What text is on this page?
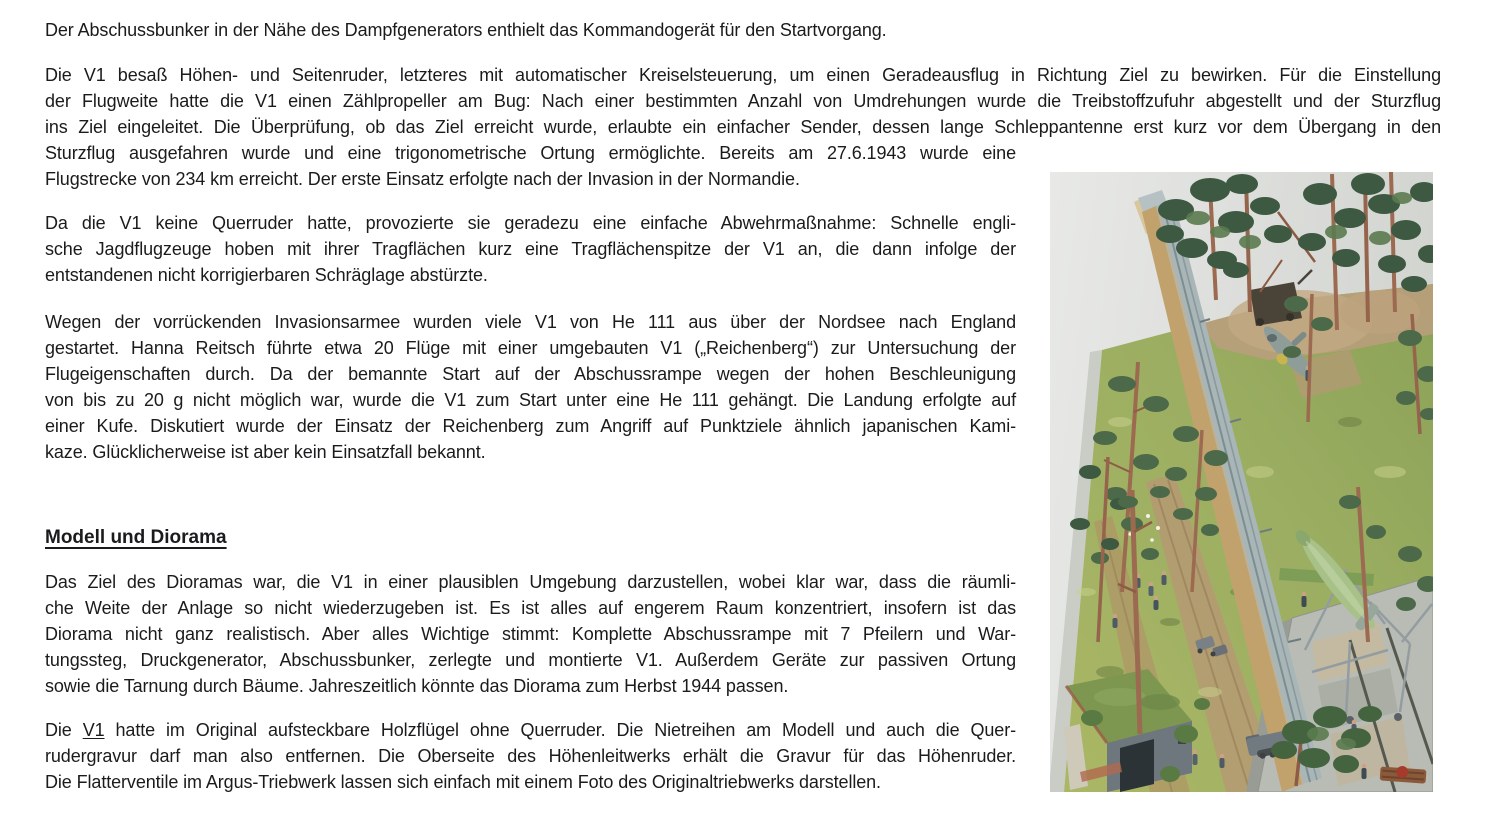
Der Abschussbunker in der Nähe des Dampfgenerators enthielt das Kommandogerät für den Startvorgang.
Die V1 besaß Höhen- und Seitenruder, letzteres mit automatischer Kreiselsteuerung, um einen Geradeausflug in Richtung Ziel zu bewirken. Für die Einstellung
der Flugweite hatte die V1 einen Zählpropeller am Bug: Nach einer bestimmten Anzahl von Umdrehungen wurde die Treibstoffzufuhr abgestellt und der Sturzflug
ins Ziel eingeleitet. Die Überprüfung, ob das Ziel erreicht wurde, erlaubte ein einfacher Sender, dessen lange Schleppantenne erst kurz vor dem Übergang in den
Sturzflug ausgefahren wurde und eine trigonometrische Ortung ermöglichte. Bereits am 27.6.1943 wurde eine
Flugstrecke von 234 km erreicht. Der erste Einsatz erfolgte nach der Invasion in der Normandie.
Da die V1 keine Querruder hatte, provozierte sie geradezu eine einfache Abwehrmaßnahme: Schnelle engli-
sche Jagdflugzeuge hoben mit ihrer Tragflächen kurz eine Tragflächenspitze der V1 an, die dann infolge der
entstandenen nicht korrigierbaren Schräglage abstürzte.
Wegen der vorrückenden Invasionsarmee wurden viele V1 von He 111 aus über der Nordsee nach England
gestartet. Hanna Reitsch führte etwa 20 Flüge mit einer umgebauten V1 („Reichenberg“) zur Untersuchung der
Flugeigenschaften durch. Da der bemannte Start auf der Abschussrampe wegen der hohen Beschleunigung
von bis zu 20 g nicht möglich war, wurde die V1 zum Start unter eine He 111 gehängt. Die Landung erfolgte auf
einer Kufe. Diskutiert wurde der Einsatz der Reichenberg zum Angriff auf Punktziele ähnlich japanischen Kami-
kaze. Glücklicherweise ist aber kein Einsatzfall bekannt.
Modell und Diorama
Das Ziel des Dioramas war, die V1 in einer plausiblen Umgebung darzustellen, wobei klar war, dass die räumli-
che Weite der Anlage so nicht wiederzugeben ist. Es ist alles auf engerem Raum konzentriert, insofern ist das
Diorama nicht ganz realistisch. Aber alles Wichtige stimmt: Komplette Abschussrampe mit 7 Pfeilern und War-
tungssteg, Druckgenerator, Abschussbunker, zerlegte und montierte V1. Außerdem Geräte zur passiven Ortung
sowie die Tarnung durch Bäume. Jahreszeitlich könnte das Diorama zum Herbst 1944 passen.
Die V1 hatte im Original aufsteckbare Holzflügel ohne Querruder. Die Nietreihen am Modell und auch die Quer-
rudergravur darf man also entfernen. Die Oberseite des Höhenleitwerks erhält die Gravur für das Höhenruder.
Die Flatterventile im Argus-Triebwerk lassen sich einfach mit einem Foto des Originaltriebwerks darstellen.
